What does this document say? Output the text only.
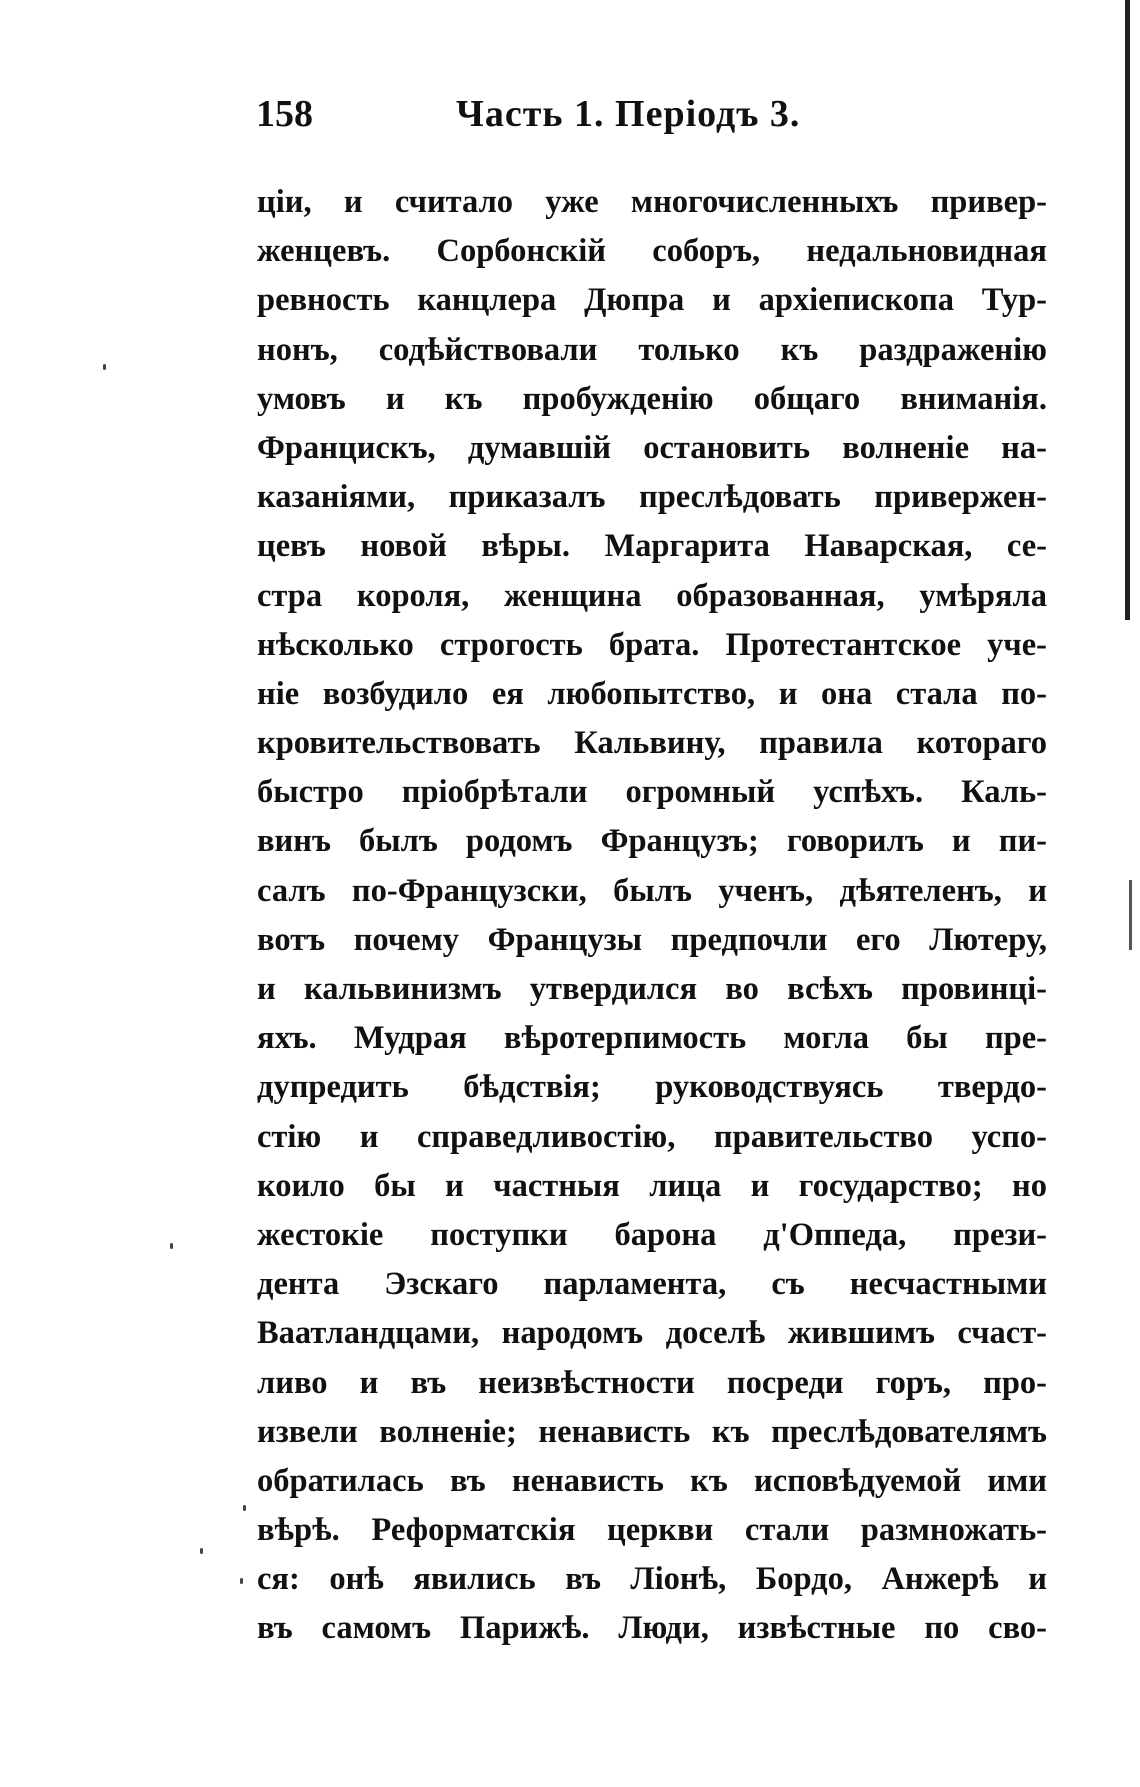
158	Часть 1. Періодъ 3.
ціи, и считало уже многочисленныхъ привер-
женцевъ. Сорбонскій соборъ, недальновидная
ревность канцлера Дюпра и архіепископа Тур-
нонъ, содѣйствовали только къ раздраженію
умовъ и къ пробужденію общаго вниманія.
Францискъ, думавшій остановить волненіе на-
казаніями, приказалъ преслѣдовать привержен-
цевъ новой вѣры. Маргарита Наварская, се-
стра короля, женщина образованная, умѣряла
нѣсколько строгость брата. Протестантское уче-
ніе возбудило ея любопытство, и она стала по-
кровительствовать Кальвину, правила котораго
быстро пріобрѣтали огромный успѣхъ. Каль-
винъ былъ родомъ Французъ; говорилъ и пи-
салъ по-Французски, былъ ученъ, дѣятеленъ, и
вотъ почему Французы предпочли его Лютеру,
и кальвинизмъ утвердился во всѣхъ провинці-
яхъ. Мудрая вѣротерпимость могла бы пре-
дупредить бѣдствія; руководствуясь твердо-
стію и справедливостію, правительство успо-
коило бы и частныя лица и государство; но
жестокіе поступки барона д'Оппеда, прези-
дента Эзскаго парламента, съ несчастными
Ваатландцами, народомъ доселѣ жившимъ счаст-
ливо и въ неизвѣстности посреди горъ, про-
извели волненіе; ненависть къ преслѣдователямъ
обратилась въ ненависть къ исповѣдуемой ими
вѣрѣ. Реформатскія церкви стали размножать-
ся: онѣ явились въ Ліонѣ, Бордо, Анжерѣ и
въ самомъ Парижѣ. Люди, извѣстные по сво-
